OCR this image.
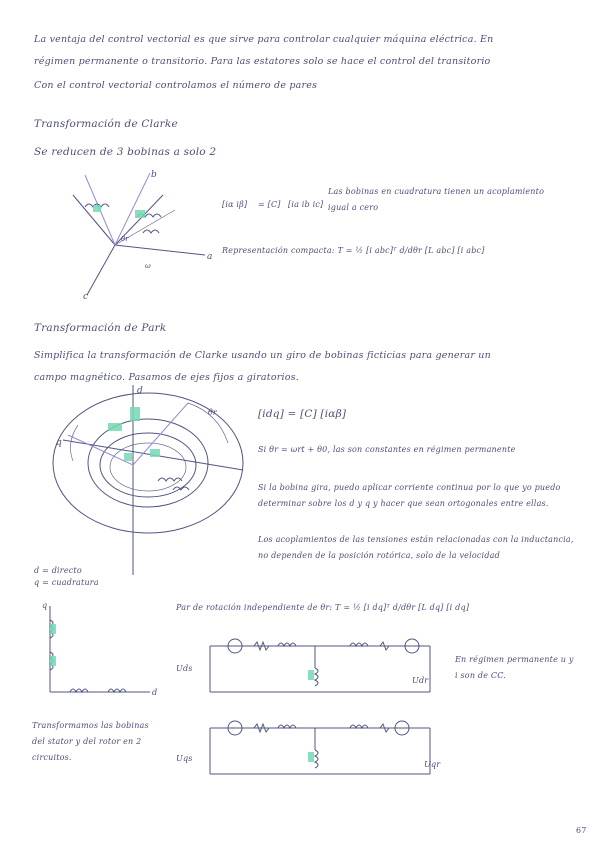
La ventaja del control vectorial es que sirve para controlar cualquier máquina eléctrica. En
régimen permanente o transitorio. Para las estatores solo se hace el control del transitorio
Con el control vectorial controlamos el número de pares
Transformación de Clarke
Se reducen de 3 bobinas a solo 2
b
a
c
θr
ω
[iα iβ] = [C] [ia ib ic]
Las bobinas en cuadratura tienen un acoplamiento igual a cero
Representación compacta: T = ½ [i abc]ᵀ d/dθr [L abc] [i abc]
Transformación de Park
Simplifica la transformación de Clarke usando un giro de bobinas ficticias para generar un
campo magnético. Pasamos de ejes fijos a giratorios.
d
q
θr	[idq] = [C] [iαβ]
Si θr = ωrt + θ0, las son constantes en régimen permanente
Si la bobina gira, puedo aplicar corriente continua por lo que yo puedo determinar sobre los d y q y hacer que sean ortogonales entre ellas.
Los acoplamientos de las tensiones están relacionadas con la inductancia, no dependen de la posición rotórica, solo de la velocidad
d = directo
q = cuadratura
Par de rotación independiente de θr: T = ½ [i dq]ᵀ d/dθr [L dq] [i dq]
q
d
Transformamos las bobinas del stator y del rotor en 2 circuitos.
Uds
Udr
En régimen permanente u y i son de CC.
Uqs
Uqr
67
